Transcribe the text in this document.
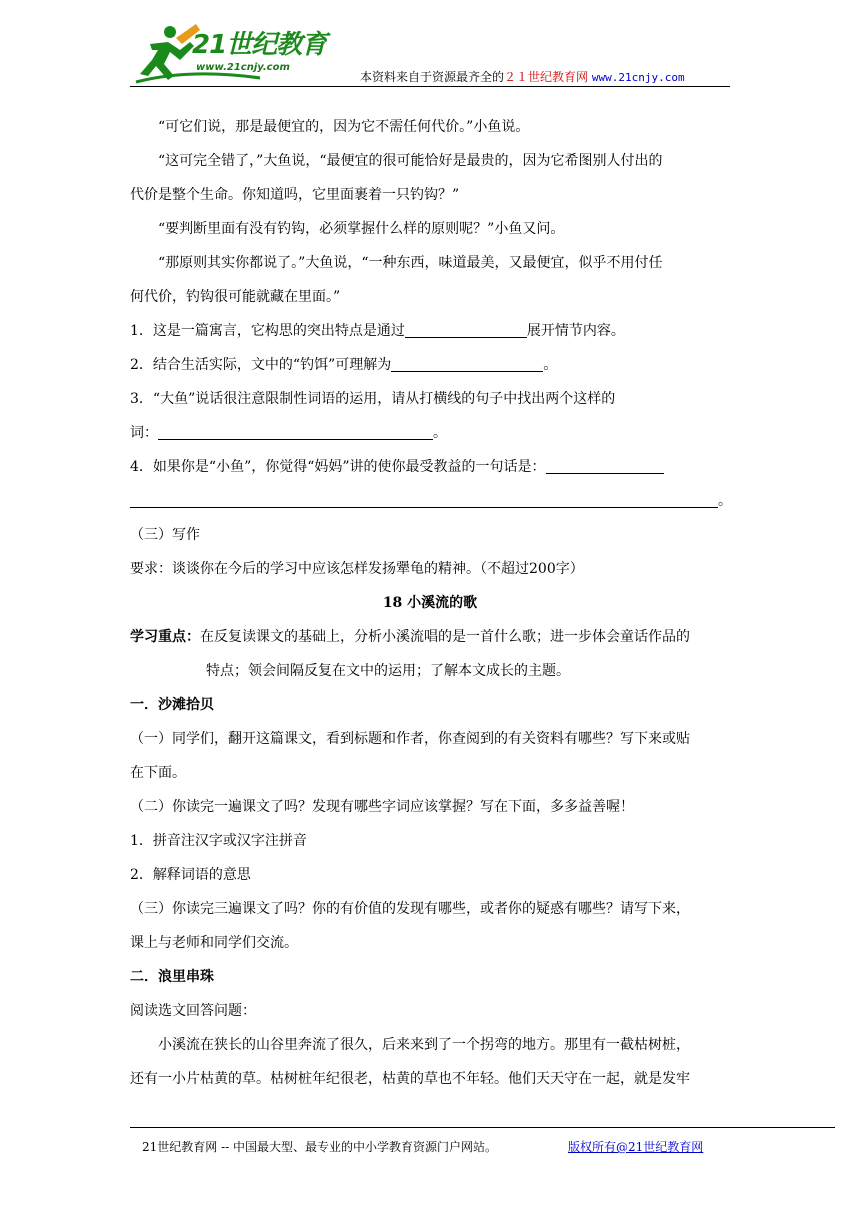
21世纪教育
www.21cnjy.com
本资料来自于资源最齐全的２１世纪教育网 www.21cnjy.com
“可它们说，那是最便宜的，因为它不需任何代价。”小鱼说。
“这可完全错了，”大鱼说，“最便宜的很可能恰好是最贵的，因为它希图别人付出的
代价是整个生命。你知道吗，它里面裹着一只钓钩？”
“要判断里面有没有钓钩，必须掌握什么样的原则呢？”小鱼又问。
“那原则其实你都说了。”大鱼说，“一种东西，味道最美，又最便宜，似乎不用付任
何代价，钓钩很可能就藏在里面。”
1．这是一篇寓言，它构思的突出特点是通过	展开情节内容。
2．结合生活实际，文中的“钓饵”可理解为	。
3．“大鱼”说话很注意限制性词语的运用，请从打横线的句子中找出两个这样的
词：	。
4．如果你是“小鱼”，你觉得“妈妈”讲的使你最受教益的一句话是：
。
（三）写作
要求：谈谈你在今后的学习中应该怎样发扬犟龟的精神。（不超过200字）
18 小溪流的歌
学习重点：在反复读课文的基础上，分析小溪流唱的是一首什么歌；进一步体会童话作品的
特点；领会间隔反复在文中的运用；了解本文成长的主题。
一．沙滩拾贝
（一）同学们，翻开这篇课文，看到标题和作者，你查阅到的有关资料有哪些？写下来或贴
在下面。
（二）你读完一遍课文了吗？发现有哪些字词应该掌握？写在下面，多多益善喔！
1．拼音注汉字或汉字注拼音
2．解释词语的意思
（三）你读完三遍课文了吗？你的有价值的发现有哪些，或者你的疑惑有哪些？请写下来，
课上与老师和同学们交流。
二．浪里串珠
阅读选文回答问题：
小溪流在狭长的山谷里奔流了很久，后来来到了一个拐弯的地方。那里有一截枯树桩，
还有一小片枯黄的草。枯树桩年纪很老，枯黄的草也不年轻。他们天天守在一起，就是发牢
21世纪教育网 -- 中国最大型、最专业的中小学教育资源门户网站。	版权所有@21世纪教育网
